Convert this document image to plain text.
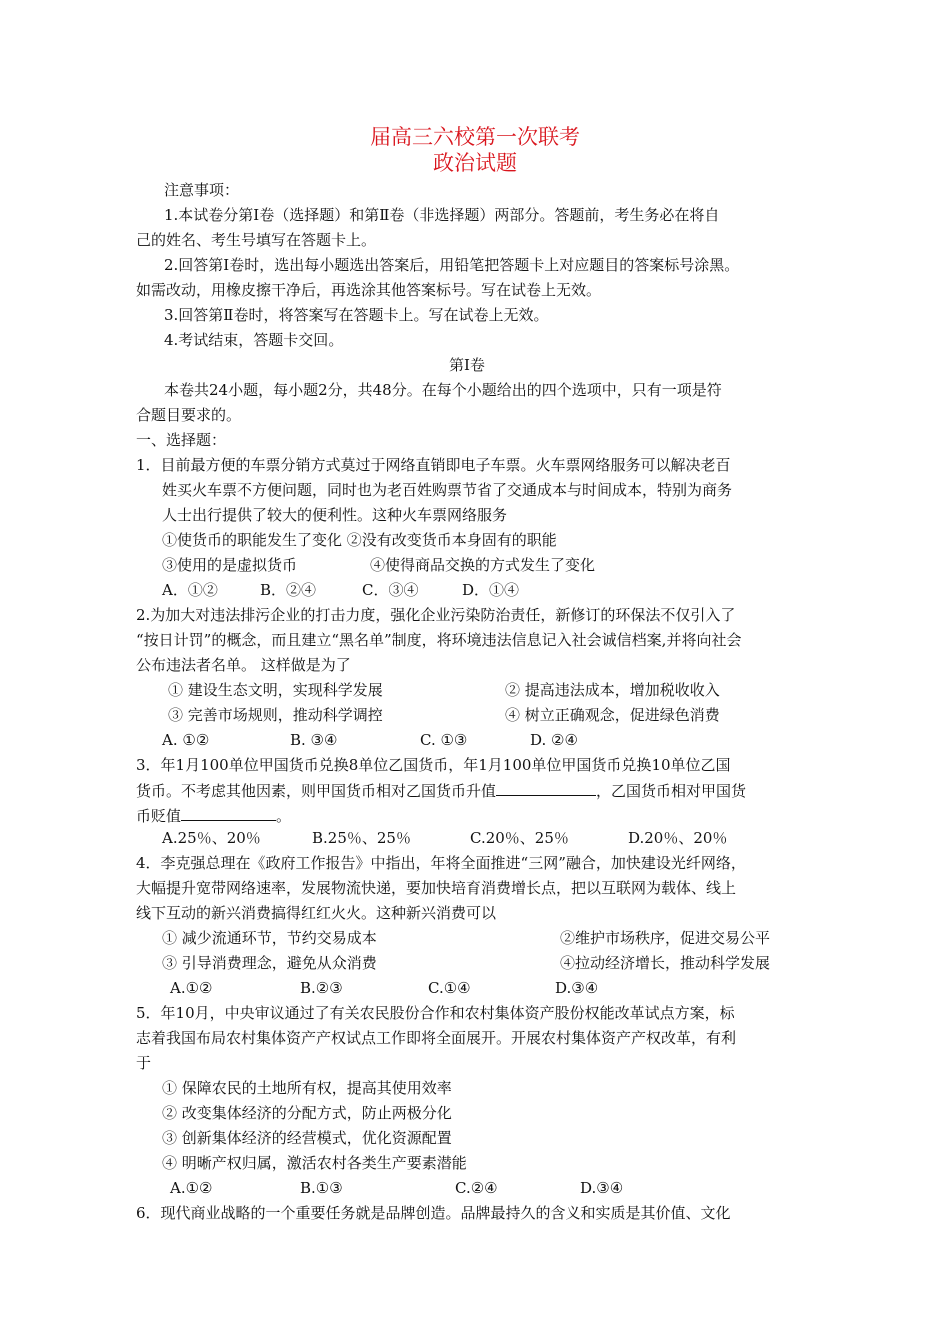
届高三六校第一次联考
政治试题
注意事项：
1.本试卷分第Ⅰ卷（选择题）和第Ⅱ卷（非选择题）两部分。答题前，考生务必在将自
己的姓名、考生号填写在答题卡上。
2.回答第Ⅰ卷时，选出每小题选出答案后，用铅笔把答题卡上对应题目的答案标号涂黑。
如需改动，用橡皮擦干净后，再选涂其他答案标号。写在试卷上无效。
3.回答第Ⅱ卷时，将答案写在答题卡上。写在试卷上无效。
4.考试结束，答题卡交回。
第Ⅰ卷
本卷共24小题，每小题2分，共48分。在每个小题给出的四个选项中，只有一项是符
合题目要求的。
一、选择题：
1．目前最方便的车票分销方式莫过于网络直销即电子车票。火车票网络服务可以解决老百
姓买火车票不方便问题，同时也为老百姓购票节省了交通成本与时间成本，特别为商务
人士出行提供了较大的便利性。这种火车票网络服务
①使货币的职能发生了变化 ②没有改变货币本身固有的职能
③使用的是虚拟货币	④使得商品交换的方式发生了变化
A．①②	B．②④	C．③④	D．①④
2.为加大对违法排污企业的打击力度，强化企业污染防治责任，新修订的环保法不仅引入了
“按日计罚”的概念，而且建立“黑名单”制度，将环境违法信息记入社会诚信档案,并将向社会
公布违法者名单。 这样做是为了
① 建设生态文明，实现科学发展	② 提高违法成本，增加税收收入
③ 完善市场规则，推动科学调控	④ 树立正确观念，促进绿色消费
A. ①②	B. ③④	C. ①③	D. ②④
3．年1月100单位甲国货币兑换8单位乙国货币，年1月100单位甲国货币兑换10单位乙国
货币。不考虑其他因素，则甲国货币相对乙国货币升值	，乙国货币相对甲国货
币贬值	。
A.25％、20％	B.25％、25％	C.20％、25％	D.20％、20％
4．李克强总理在《政府工作报告》中指出，年将全面推进“三网”融合，加快建设光纤网络，
大幅提升宽带网络速率，发展物流快递，要加快培育消费增长点，把以互联网为载体、线上
线下互动的新兴消费搞得红红火火。这种新兴消费可以
① 减少流通环节，节约交易成本	②维护市场秩序，促进交易公平
③ 引导消费理念，避免从众消费	④拉动经济增长，推动科学发展
A.①②	B.②③	C.①④	D.③④
5．年10月，中央审议通过了有关农民股份合作和农村集体资产股份权能改革试点方案，标
志着我国布局农村集体资产产权试点工作即将全面展开。开展农村集体资产产权改革，有利
于
① 保障农民的土地所有权，提高其使用效率
② 改变集体经济的分配方式，防止两极分化
③ 创新集体经济的经营模式，优化资源配置
④ 明晰产权归属，激活农村各类生产要素潜能
A.①②	B.①③	C.②④	D.③④
6．现代商业战略的一个重要任务就是品牌创造。品牌最持久的含义和实质是其价值、文化
